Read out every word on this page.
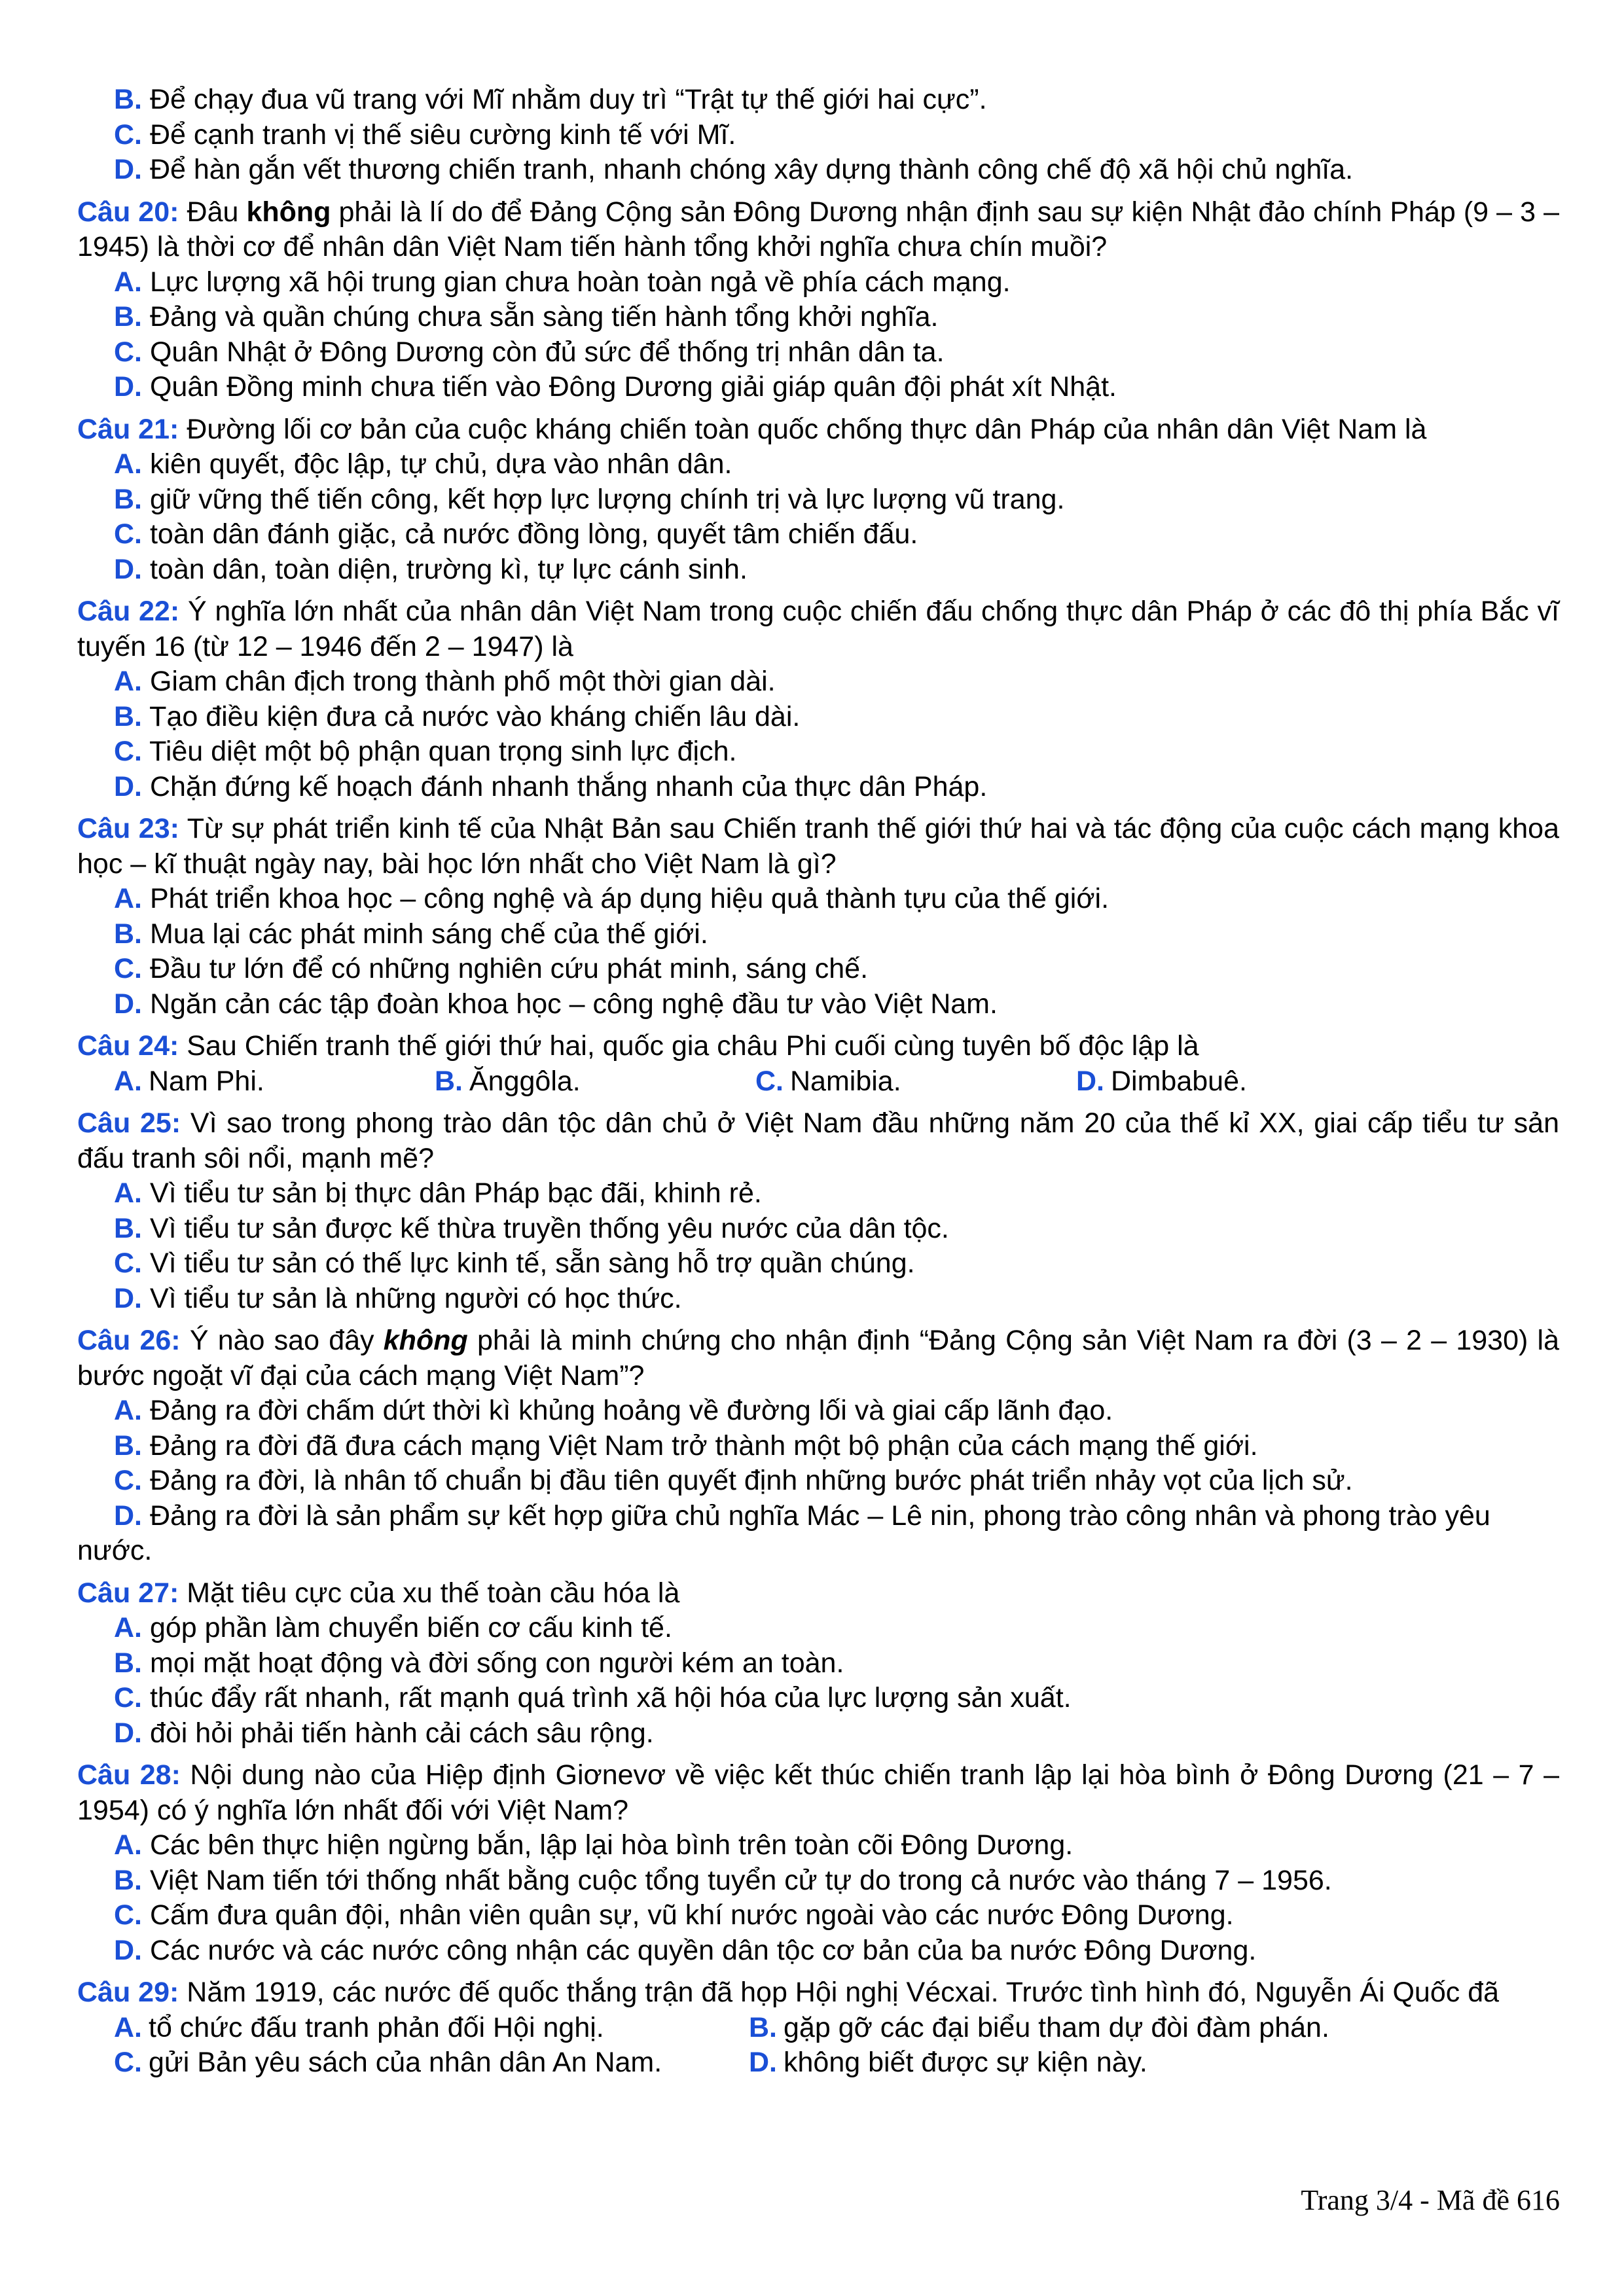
B. Để chạy đua vũ trang với Mĩ nhằm duy trì “Trật tự thế giới hai cực”.
C. Để cạnh tranh vị thế siêu cường kinh tế với Mĩ.
D. Để hàn gắn vết thương chiến tranh, nhanh chóng xây dựng thành công chế độ xã hội chủ nghĩa.
Câu 20: Đâu không phải là lí do để Đảng Cộng sản Đông Dương nhận định sau sự kiện Nhật đảo chính Pháp (9 – 3 – 1945) là thời cơ để nhân dân Việt Nam tiến hành tổng khởi nghĩa chưa chín muồi?
A. Lực lượng xã hội trung gian chưa hoàn toàn ngả về phía cách mạng.
B. Đảng và quần chúng chưa sẵn sàng tiến hành tổng khởi nghĩa.
C. Quân Nhật ở Đông Dương còn đủ sức để thống trị nhân dân ta.
D. Quân Đồng minh chưa tiến vào Đông Dương giải giáp quân đội phát xít Nhật.
Câu 21: Đường lối cơ bản của cuộc kháng chiến toàn quốc chống thực dân Pháp của nhân dân Việt Nam là
A. kiên quyết, độc lập, tự chủ, dựa vào nhân dân.
B. giữ vững thế tiến công, kết hợp lực lượng chính trị và lực lượng vũ trang.
C. toàn dân đánh giặc, cả nước đồng lòng, quyết tâm chiến đấu.
D. toàn dân, toàn diện, trường kì, tự lực cánh sinh.
Câu 22: Ý nghĩa lớn nhất của nhân dân Việt Nam trong cuộc chiến đấu chống thực dân Pháp ở các đô thị phía Bắc vĩ tuyến 16 (từ 12 – 1946 đến 2 – 1947) là
A. Giam chân địch trong thành phố một thời gian dài.
B. Tạo điều kiện đưa cả nước vào kháng chiến lâu dài.
C. Tiêu diệt một bộ phận quan trọng sinh lực địch.
D. Chặn đứng kế hoạch đánh nhanh thắng nhanh của thực dân Pháp.
Câu 23: Từ sự phát triển kinh tế của Nhật Bản sau Chiến tranh thế giới thứ hai và tác động của cuộc cách mạng khoa học – kĩ thuật ngày nay, bài học lớn nhất cho Việt Nam là gì?
A. Phát triển khoa học – công nghệ và áp dụng hiệu quả thành tựu của thế giới.
B. Mua lại các phát minh sáng chế của thế giới.
C. Đầu tư lớn để có những nghiên cứu phát minh, sáng chế.
D. Ngăn cản các tập đoàn khoa học – công nghệ đầu tư vào Việt Nam.
Câu 24: Sau Chiến tranh thế giới thứ hai, quốc gia châu Phi cuối cùng tuyên bố độc lập là
A. Nam Phi.	B. Ănggôla.	C. Namibia.	D. Dimbabuê.
Câu 25: Vì sao trong phong trào dân tộc dân chủ ở Việt Nam đầu những năm 20 của thế kỉ XX, giai cấp tiểu tư sản đấu tranh sôi nổi, mạnh mẽ?
A. Vì tiểu tư sản bị thực dân Pháp bạc đãi, khinh rẻ.
B. Vì tiểu tư sản được kế thừa truyền thống yêu nước của dân tộc.
C. Vì tiểu tư sản có thế lực kinh tế, sẵn sàng hỗ trợ quần chúng.
D. Vì tiểu tư sản là những người có học thức.
Câu 26: Ý nào sao đây không phải là minh chứng cho nhận định “Đảng Cộng sản Việt Nam ra đời (3 – 2 – 1930) là bước ngoặt vĩ đại của cách mạng Việt Nam”?
A. Đảng ra đời chấm dứt thời kì khủng hoảng về đường lối và giai cấp lãnh đạo.
B. Đảng ra đời đã đưa cách mạng Việt Nam trở thành một bộ phận của cách mạng thế giới.
C. Đảng ra đời, là nhân tố chuẩn bị đầu tiên quyết định những bước phát triển nhảy vọt của lịch sử.
D. Đảng ra đời là sản phẩm sự kết hợp giữa chủ nghĩa Mác – Lê nin, phong trào công nhân và phong trào yêu nước.
Câu 27: Mặt tiêu cực của xu thế toàn cầu hóa là
A. góp phần làm chuyển biến cơ cấu kinh tế.
B. mọi mặt hoạt động và đời sống con người kém an toàn.
C. thúc đẩy rất nhanh, rất mạnh quá trình xã hội hóa của lực lượng sản xuất.
D. đòi hỏi phải tiến hành cải cách sâu rộng.
Câu 28: Nội dung nào của Hiệp định Giơnevơ về việc kết thúc chiến tranh lập lại hòa bình ở Đông Dương (21 – 7 – 1954) có ý nghĩa lớn nhất đối với Việt Nam?
A. Các bên thực hiện ngừng bắn, lập lại hòa bình trên toàn cõi Đông Dương.
B. Việt Nam tiến tới thống nhất bằng cuộc tổng tuyển cử tự do trong cả nước vào tháng 7 – 1956.
C. Cấm đưa quân đội, nhân viên quân sự, vũ khí nước ngoài vào các nước Đông Dương.
D. Các nước và các nước công nhận các quyền dân tộc cơ bản của ba nước Đông Dương.
Câu 29: Năm 1919, các nước đế quốc thắng trận đã họp Hội nghị Vécxai. Trước tình hình đó, Nguyễn Ái Quốc đã
A. tổ chức đấu tranh phản đối Hội nghị.	B. gặp gỡ các đại biểu tham dự đòi đàm phán.
C. gửi Bản yêu sách của nhân dân An Nam.	D. không biết được sự kiện này.
Trang 3/4 - Mã đề 616
